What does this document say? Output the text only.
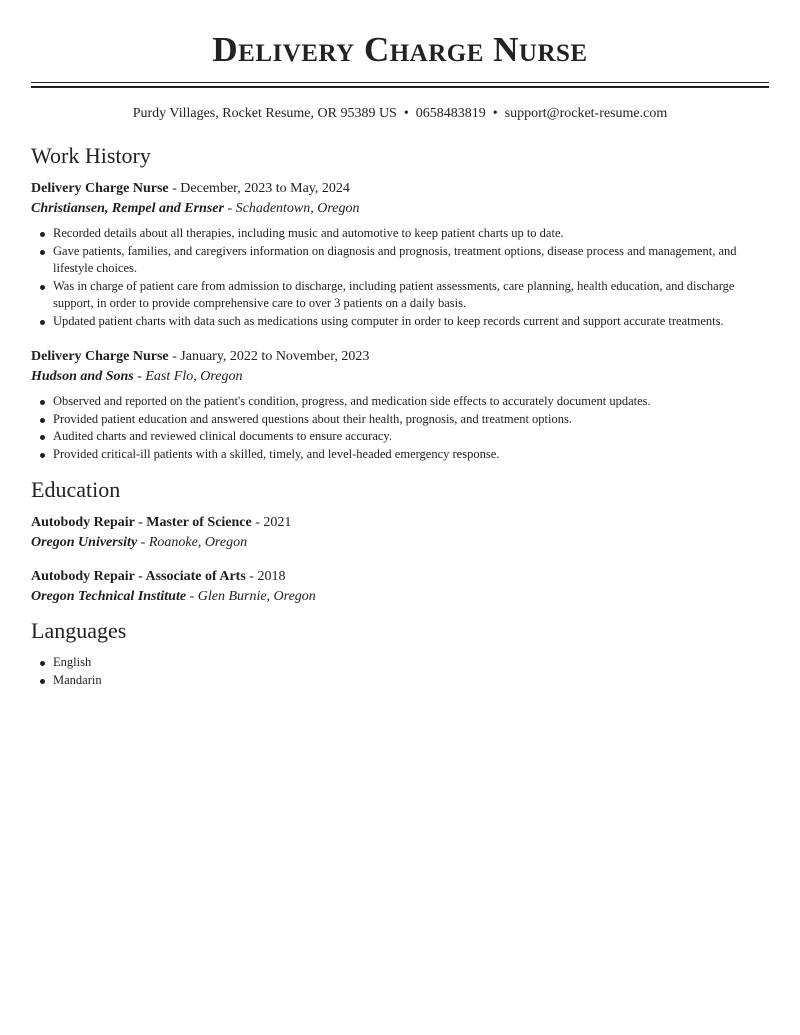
Delivery Charge Nurse
Purdy Villages, Rocket Resume, OR 95389 US • 0658483819 • support@rocket-resume.com
Work History
Delivery Charge Nurse - December, 2023 to May, 2024
Christiansen, Rempel and Ernser - Schadentown, Oregon
Recorded details about all therapies, including music and automotive to keep patient charts up to date.
Gave patients, families, and caregivers information on diagnosis and prognosis, treatment options, disease process and management, and lifestyle choices.
Was in charge of patient care from admission to discharge, including patient assessments, care planning, health education, and discharge support, in order to provide comprehensive care to over 3 patients on a daily basis.
Updated patient charts with data such as medications using computer in order to keep records current and support accurate treatments.
Delivery Charge Nurse - January, 2022 to November, 2023
Hudson and Sons - East Flo, Oregon
Observed and reported on the patient's condition, progress, and medication side effects to accurately document updates.
Provided patient education and answered questions about their health, prognosis, and treatment options.
Audited charts and reviewed clinical documents to ensure accuracy.
Provided critical-ill patients with a skilled, timely, and level-headed emergency response.
Education
Autobody Repair - Master of Science - 2021
Oregon University - Roanoke, Oregon
Autobody Repair - Associate of Arts - 2018
Oregon Technical Institute - Glen Burnie, Oregon
Languages
English
Mandarin
